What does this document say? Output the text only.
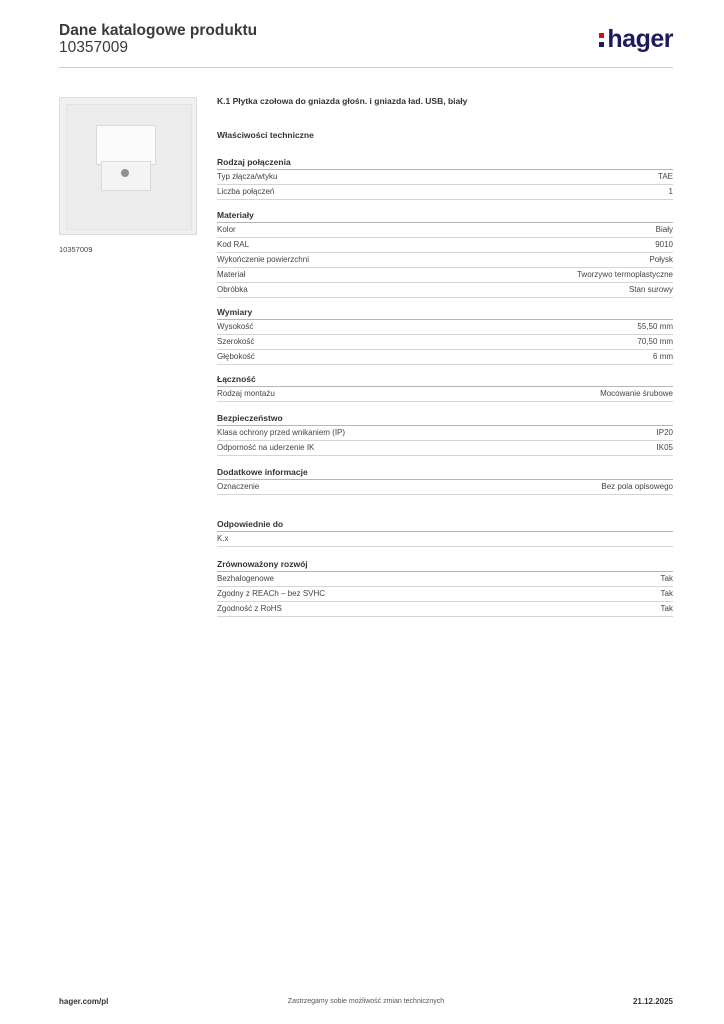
Dane katalogowe produktu
10357009	hager
10357009
K.1 Płytka czołowa do gniazda głośn. i gniazda ład. USB, biały
Właściwości techniczne
Rodzaj połączenia
Typ złącza/wtyku	TAE
Liczba połączeń	1
Materiały
Kolor	Biały
Kod RAL	9010
Wykończenie powierzchni	Połysk
Materiał	Tworzywo termoplastyczne
Obróbka	Stan surowy
Wymiary
Wysokość	55,50 mm
Szerokość	70,50 mm
Głębokość	6 mm
Łączność
Rodzaj montażu	Mocowanie śrubowe
Bezpieczeństwo
Klasa ochrony przed wnikaniem (IP)	IP20
Odporność na uderzenie IK	IK05
Dodatkowe informacje
Oznaczenie	Bez pola opisowego
Odpowiednie do
K.x
Zrównoważony rozwój
Bezhalogenowe	Tak
Zgodny z REACh – bez SVHC	Tak
Zgodność z RoHS	Tak
hager.com/pl	Zastrzegamy sobie możliwość zmian technicznych	21.12.2025
